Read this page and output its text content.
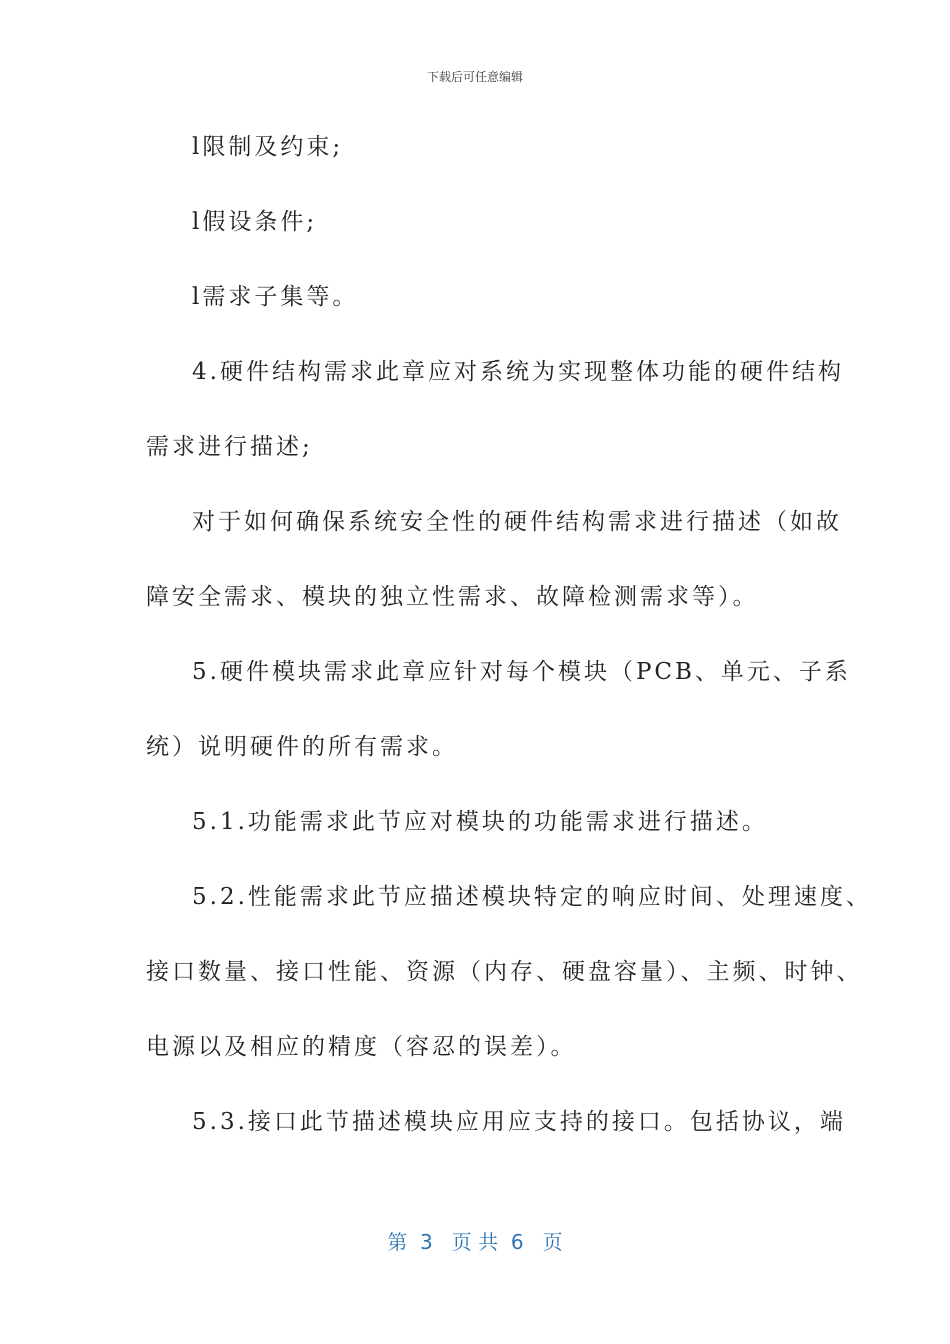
下载后可任意编辑
l限制及约束;
l假设条件;
l需求子集等。
4.硬件结构需求此章应对系统为实现整体功能的硬件结构
需求进行描述;
对于如何确保系统安全性的硬件结构需求进行描述（如故
障安全需求、模块的独立性需求、故障检测需求等）。
5.硬件模块需求此章应针对每个模块（PCB、单元、子系
统）说明硬件的所有需求。
5.1.功能需求此节应对模块的功能需求进行描述。
5.2.性能需求此节应描述模块特定的响应时间、处理速度、
接口数量、接口性能、资源（内存、硬盘容量）、主频、时钟、
电源以及相应的精度（容忍的误差）。
5.3.接口此节描述模块应用应支持的接口。包括协议，端
第  3   页 共  6   页
